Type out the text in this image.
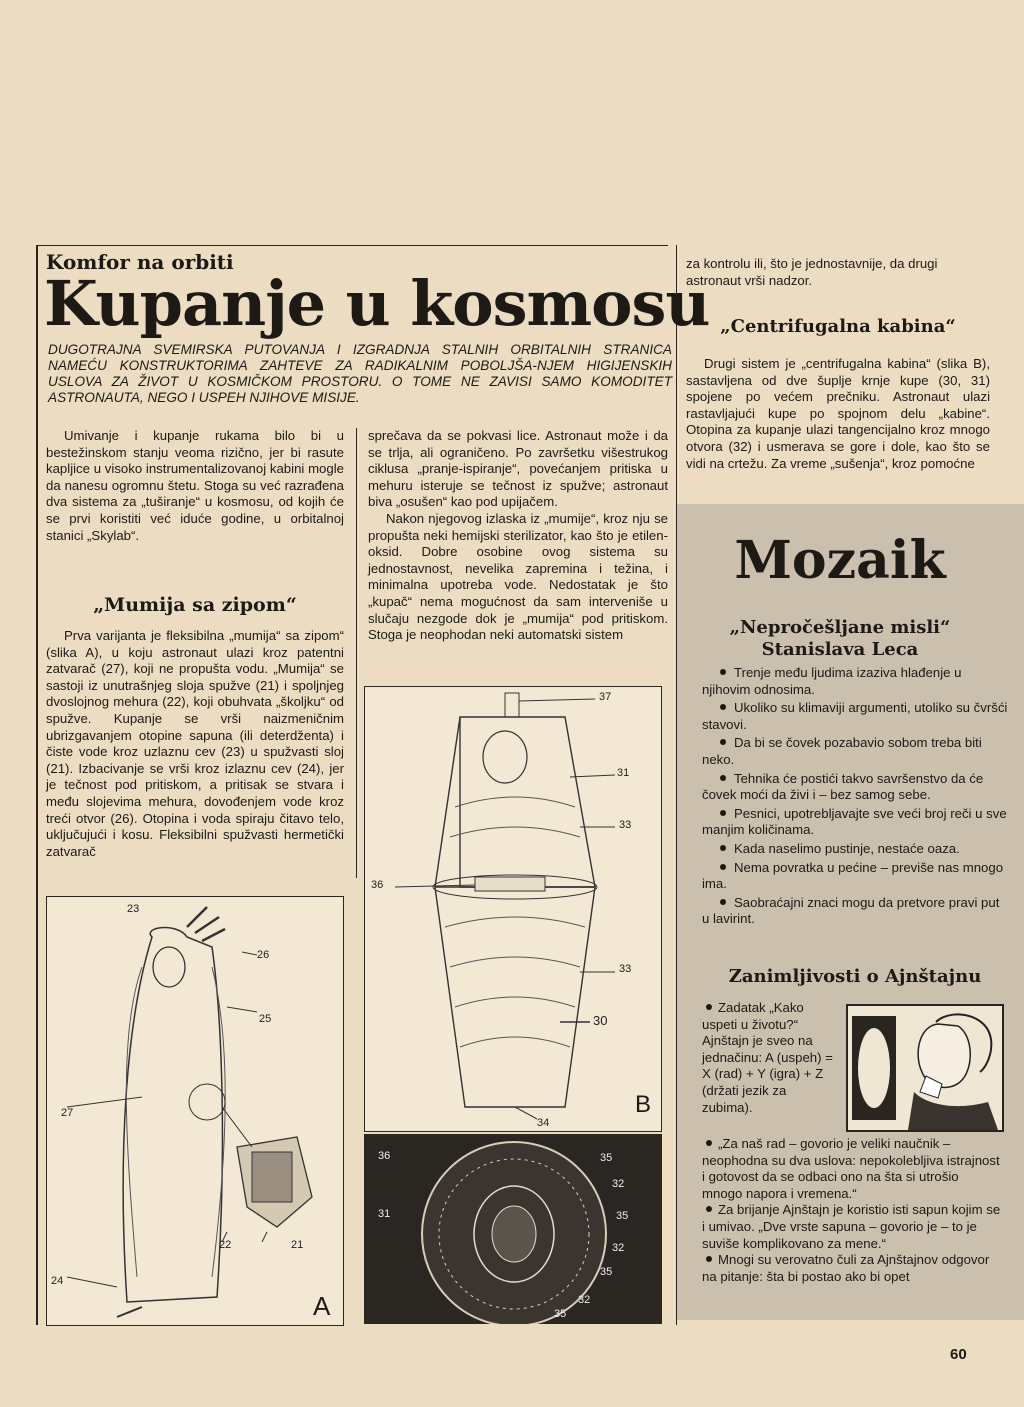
Komfor na orbiti
Kupanje u kosmosu
DUGOTRAJNA SVEMIRSKA PUTOVANJA I IZGRADNJA STALNIH ORBITALNIH STRANICA NAMEĆU KONSTRUKTORIMA ZAHTEVE ZA RADIKALNIM POBOLJŠA-NJEM HIGIJENSKIH USLOVA ZA ŽIVOT U KOSMIČKOM PROSTORU. O TOME NE ZAVISI SAMO KOMODITET ASTRONAUTA, NEGO I USPEH NJIHOVE MISIJE.

Umivanje i kupanje rukama bilo bi u bestežinskom stanju veoma rizično, jer bi rasute kapljice u visoko instrumentalizovanoj kabini mogle da nanesu ogromnu štetu. Stoga su već razrađena dva sistema za „tuširanje“ u kosmosu, od kojih će se prvi koristiti već iduće godine, u orbitalnoj stanici „Skylab“.

„Mumija sa zipom“

Prva varijanta je fleksibilna „mumija“ sa zipom“ (slika A), u koju astronaut ulazi kroz patentni zatvarač (27), koji ne propušta vodu. „Mumija“ se sastoji iz unutrašnjeg sloja spužve (21) i spoljnjeg dvoslojnog mehura (22), koji obuhvata „školjku“ od spužve. Kupanje se vrši naizmeničnim ubrizgavanjem otopine sapuna (ili deterdženta) i čiste vode kroz uzlaznu cev (23) u spužvasti sloj (21). Izbacivanje se vrši kroz izlaznu cev (24), jer je tečnost pod pritiskom, a pritisak se stvara i među slojevima mehura, dovođenjem vode kroz treći otvor (26). Otopina i voda spiraju čitavo telo, uključujući i kosu. Fleksibilni spužvasti hermetički zatvarač

sprečava da se pokvasi lice. Astronaut može i da se trlja, ali ograničeno. Po završetku višestrukog ciklusa „pranje-ispiranje“, povećanjem pritiska u mehuru isteruje se tečnost iz spužve; astronaut biva „osušen“ kao pod upijačem.

Nakon njegovog izlaska iz „mumije“, kroz nju se propušta neki hemijski sterilizator, kao što je etilen-oksid. Dobre osobine ovog sistema su jednostavnost, nevelika zapremina i težina, i minimalna upotreba vode. Nedostatak je što „kupač“ nema mogućnost da sam interveniše u slučaju nezgode dok je „mumija“ pod pritiskom. Stoga je neophodan neki automatski sistem

23
26
25
27
22	21
24
A
37
31
33
36
33
30
34
B
36	35
31
32
35
32
35
32
35
za kontrolu ili, što je jednostavnije, da drugi astronaut vrši nadzor.
„Centrifugalna kabina“

Drugi sistem je „centrifugalna kabina“ (slika B), sastavljena od dve šuplje krnje kupe (30, 31) spojene po većem prečniku. Astronaut ulazi rastavljajući kupe po spojnom delu „kabine“. Otopina za kupanje ulazi tangencijalno kroz mnogo otvora (32) i usmerava se gore i dole, kao što se vidi na crtežu. Za vreme „sušenja“, kroz pomoćne

Mozaik
„Nepročešljane misli“
Stanislava Leca
Trenje među ljudima izaziva hlađenje u njihovim odnosima.
Ukoliko su klimaviji argumenti, utoliko su čvršći stavovi.
Da bi se čovek pozabavio sobom treba biti neko.
Tehnika će postići takvo savršenstvo da će čovek moći da živi i – bez samog sebe.
Pesnici, upotrebljavajte sve veći broj reči u sve manjim količinama.
Kada naselimo pustinje, nestaće oaza.
Nema povratka u pećine – previše nas mnogo ima.
Saobraćajni znaci mogu da pretvore pravi put u lavirint.
Zanimljivosti o Ajnštajnu
Zadatak „Kako uspeti u životu?“ Ajnštajn je sveo na jednačinu: A (uspeh) = X (rad) + Y (igra) + Z (držati jezik za zubima).
„Za naš rad – govorio je veliki naučnik – neophodna su dva uslova: nepokolebljiva istrajnost i gotovost da se odbaci ono na šta si utrošio mnogo napora i vremena.“
Za brijanje Ajnštajn je koristio isti sapun kojim se i umivao. „Dve vrste sapuna – govorio je – to je suviše komplikovano za mene.“
Mnogi su verovatno čuli za Ajnštajnov odgovor na pitanje: šta bi postao ako bi opet
60
